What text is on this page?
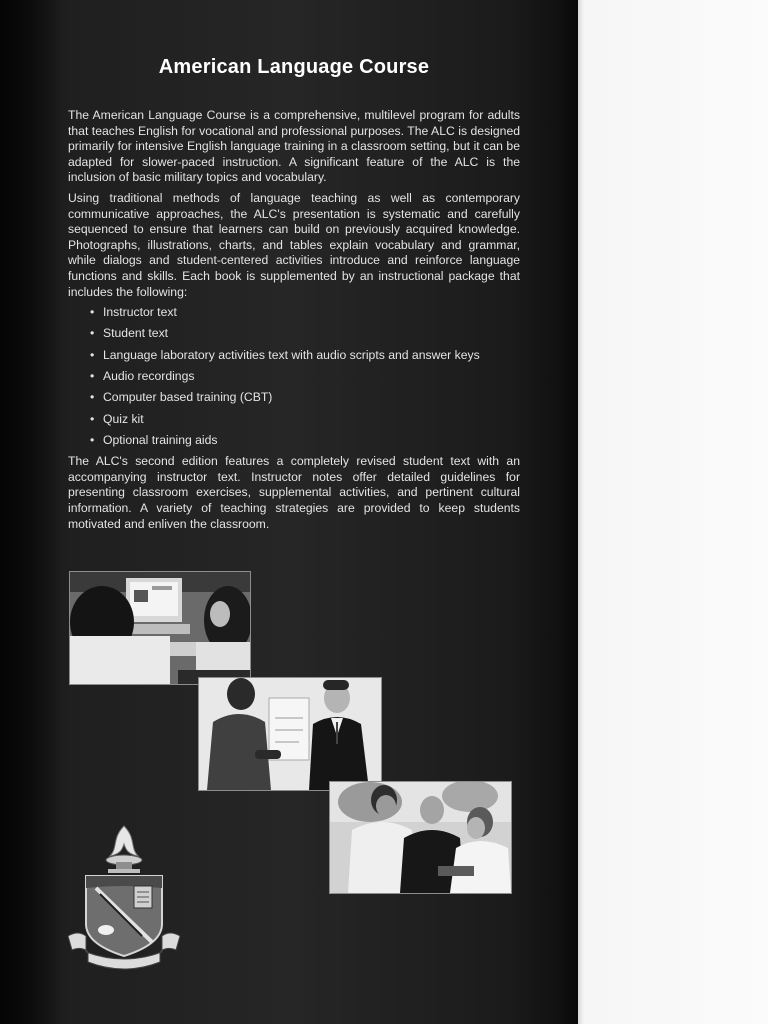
American Language Course

The American Language Course is a comprehensive, multilevel program for adults that teaches English for vocational and professional purposes. The ALC is designed primarily for intensive English language training in a classroom setting, but it can be adapted for slower-paced instruction. A significant feature of the ALC is the inclusion of basic military topics and vocabulary.

Using traditional methods of language teaching as well as contemporary communicative approaches, the ALC's presentation is systematic and carefully sequenced to ensure that learners can build on previously acquired knowledge. Photographs, illustrations, charts, and tables explain vocabulary and grammar, while dialogs and student-centered activities introduce and reinforce language functions and skills. Each book is supplemented by an instructional package that includes the following:

• Instructor text
• Student text
• Language laboratory activities text with audio scripts and answer keys
• Audio recordings
• Computer based training (CBT)
• Quiz kit
• Optional training aids

The ALC's second edition features a completely revised student text with an accompanying instructor text. Instructor notes offer detailed guidelines for presenting classroom exercises, supplemental activities, and pertinent cultural information. A variety of teaching strategies are provided to keep students motivated and enliven the classroom.
